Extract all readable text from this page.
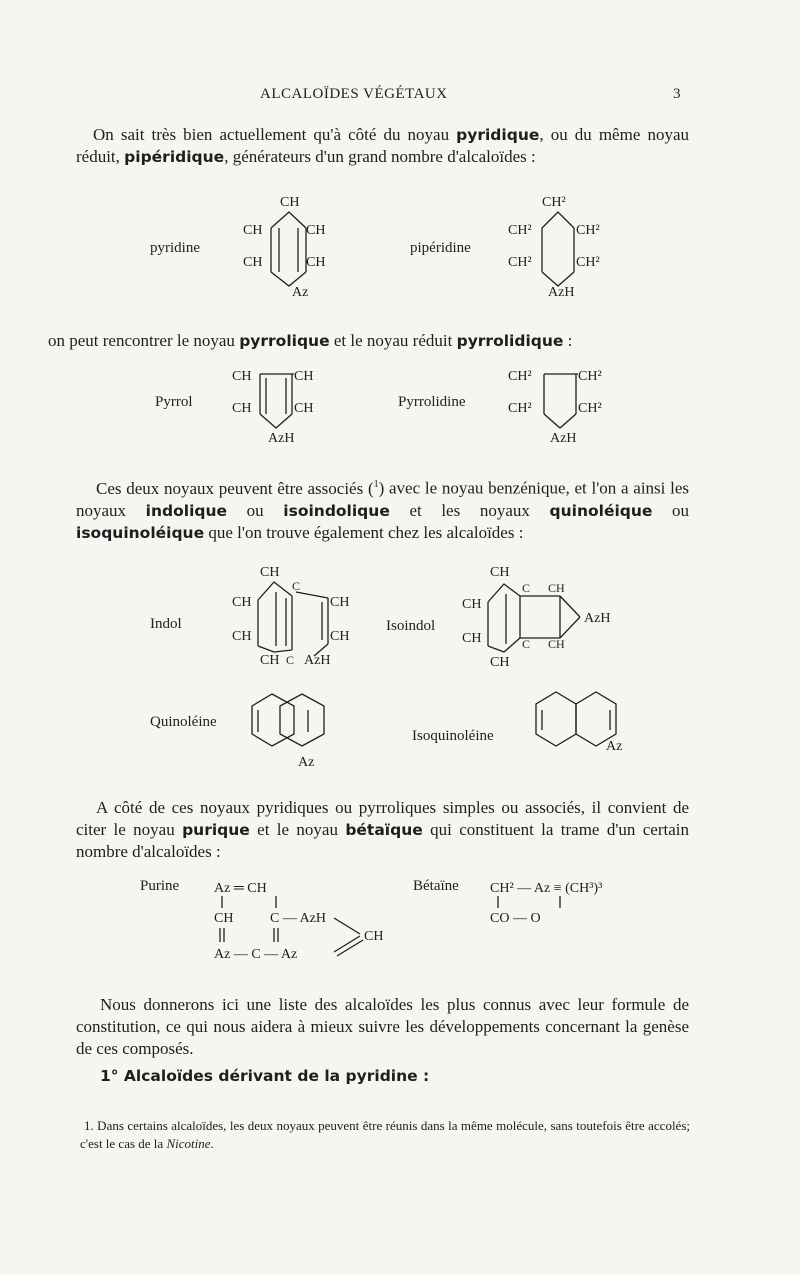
ALCALOÏDES VÉGÉTAUX	3
On sait très bien actuellement qu'à côté du noyau pyridique, ou du même noyau réduit, pipéridique, générateurs d'un grand nombre d'alcaloïdes :
pyridine
CH
CH	CH
CH	CH
Az
pipéridine
CH²
CH²	CH²
CH²	CH²
AzH
on peut rencontrer le noyau pyrrolique et le noyau réduit pyrrolidique :
Pyrrol
CH	CH
CH	CH
AzH
Pyrrolidine
CH²	CH²
CH²	CH²
AzH
Ces deux noyaux peuvent être associés ($^1$) avec le noyau benzénique, et l'on a ainsi les noyaux indolique ou isoindolique et les noyaux quinoléique ou isoquinoléique que l'on trouve également chez les alcaloïdes :
Indol
CH
CH
CH
CH
C
CH
CH
C AzH
Isoindol
CH
CH
CH
CH
C CH
C CH
AzH
Quinoléine
Az
Isoquinoléine
Az
A côté de ces noyaux pyridiques ou pyrroliques simples ou associés, il convient de citer le noyau purique et le noyau bétaïque qui constituent la trame d'un certain nombre d'alcaloïdes :
Purine Az ═ CH
CH	C — AzH
Az — C — Az
CH
Bétaïne CH² — Az ≡ (CH³)³
CO — O
Nous donnerons ici une liste des alcaloïdes les plus connus avec leur formule de constitution, ce qui nous aidera à mieux suivre les développements concernant la genèse de ces composés.
1° Alcaloïdes dérivant de la pyridine :
1. Dans certains alcaloïdes, les deux noyaux peuvent être réunis dans la même molécule, sans toutefois être accolés; c'est le cas de la Nicotine.
